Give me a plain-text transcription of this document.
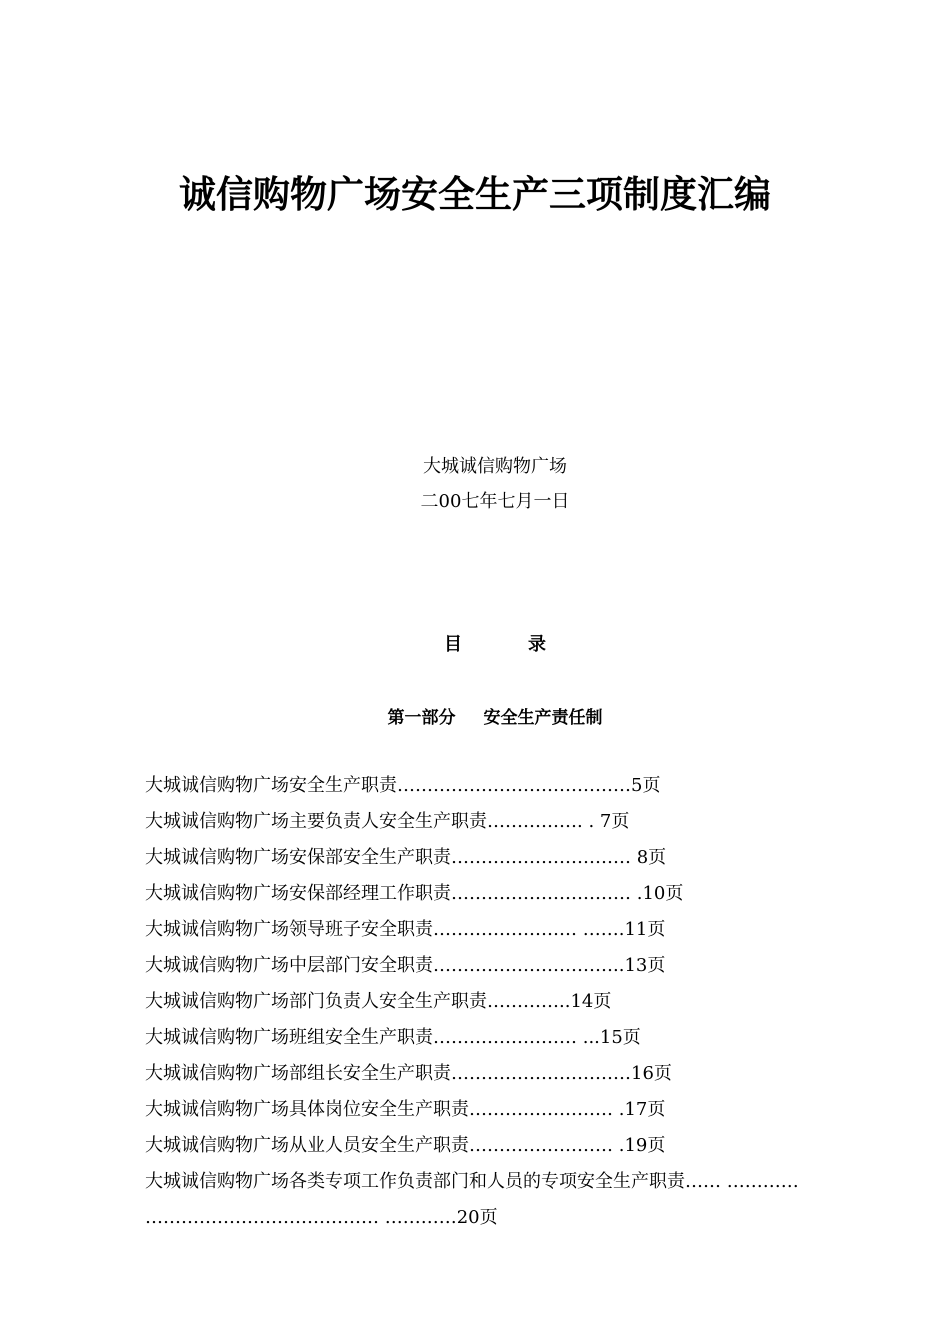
诚信购物广场安全生产三项制度汇编
大城诚信购物广场
二00七年七月一日
目	录
第一部分 安全生产责任制
大城诚信购物广场安全生产职责…………………………………5页
大城诚信购物广场主要负责人安全生产职责……………. . 7页
大城诚信购物广场安保部安全生产职责………………………… 8页
大城诚信购物广场安保部经理工作职责………………………… .10页
大城诚信购物广场领导班子安全职责…………………… …….11页
大城诚信购物广场中层部门安全职责…………………………..13页
大城诚信购物广场部门负责人安全生产职责…………..14页
大城诚信购物广场班组安全生产职责…………………… ...15页
大城诚信购物广场部组长安全生产职责…………………………16页
大城诚信购物广场具体岗位安全生产职责…………………… .17页
大城诚信购物广场从业人员安全生产职责…………………… .19页
大城诚信购物广场各类专项工作负责部门和人员的专项安全生产职责…… …………
………………………………… …………20页
